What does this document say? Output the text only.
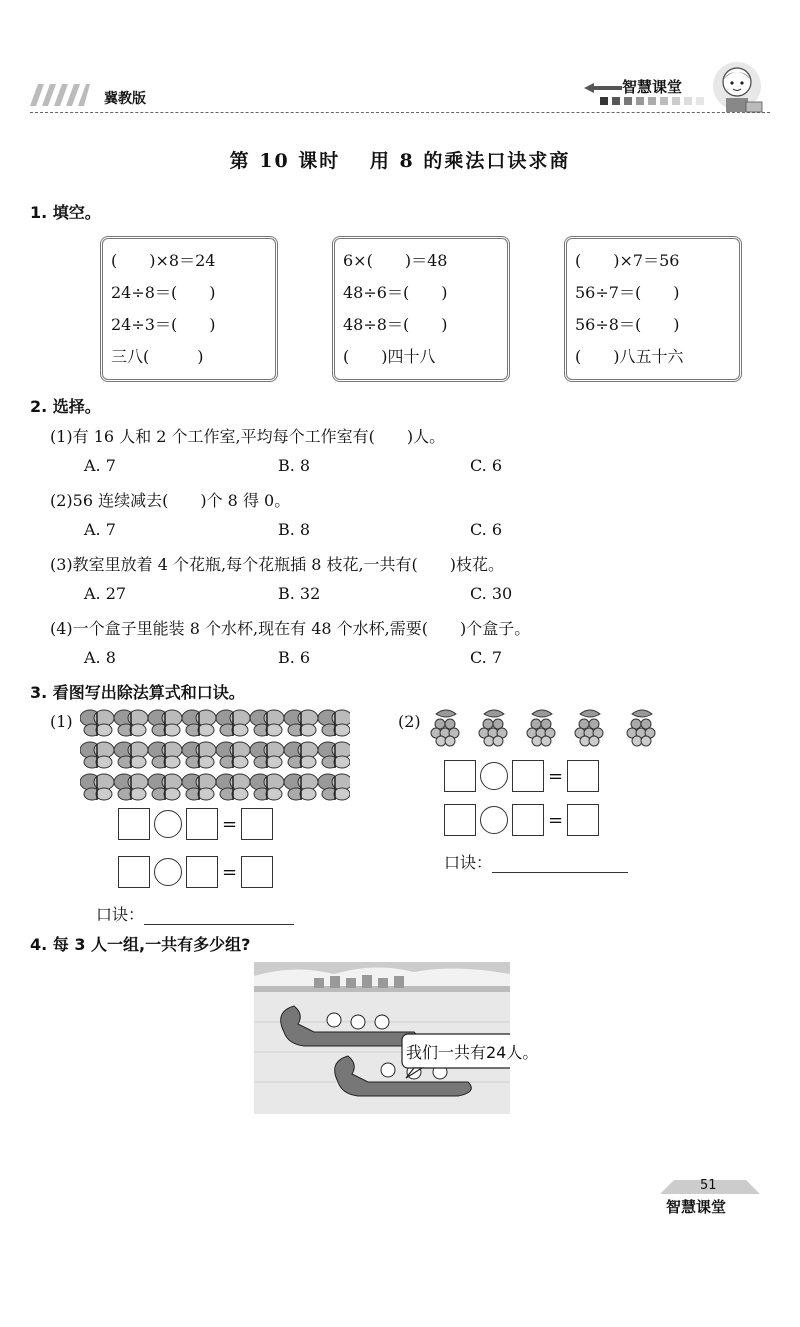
冀教版
智慧课堂
第 10 课时　 用 8 的乘法口诀求商
1. 填空。
(　　)×8＝24
24÷8＝(　　)
24÷3＝(　　)
三八(　　　)
6×(　　)＝48
48÷6＝(　　)
48÷8＝(　　)
(　　)四十八
(　　)×7＝56
56÷7＝(　　)
56÷8＝(　　)
(　　)八五十六
2. 选择。
(1)有 16 人和 2 个工作室,平均每个工作室有(　　)人。
A. 7	B. 8	C. 6
(2)56 连续减去(　　)个 8 得 0。
A. 7	B. 8	C. 6
(3)教室里放着 4 个花瓶,每个花瓶插 8 枝花,一共有(　　)枝花。
A. 27	B. 32	C. 30
(4)一个盒子里能装 8 个水杯,现在有 48 个水杯,需要(　　)个盒子。
A. 8	B. 6	C. 7
3. 看图写出除法算式和口诀。
(1)
=
=
口诀：
(2)
=
=
口诀：
4. 每 3 人一组,一共有多少组?
我们一共有24人。
51
智慧课堂
